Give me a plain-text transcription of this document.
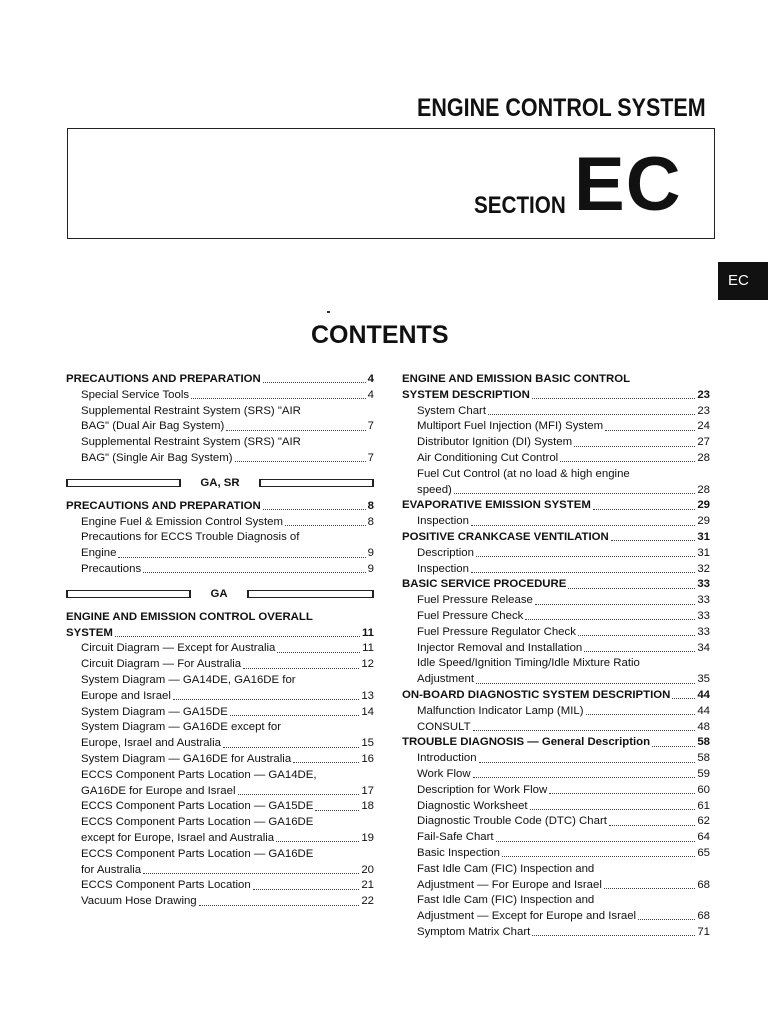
ENGINE CONTROL SYSTEM
SECTION EC
EC
CONTENTS
PRECAUTIONS AND PREPARATION	4
Special Service Tools	4
Supplemental Restraint System (SRS) "AIR
BAG" (Dual Air Bag System)	7
Supplemental Restraint System (SRS) "AIR
BAG" (Single Air Bag System)	7
GA, SR
PRECAUTIONS AND PREPARATION	8
Engine Fuel & Emission Control System	8
Precautions for ECCS Trouble Diagnosis of
Engine	9
Precautions	9
GA
ENGINE AND EMISSION CONTROL OVERALL
SYSTEM	11
Circuit Diagram — Except for Australia	11
Circuit Diagram — For Australia	12
System Diagram — GA14DE, GA16DE for
Europe and Israel	13
System Diagram — GA15DE	14
System Diagram — GA16DE except for
Europe, Israel and Australia	15
System Diagram — GA16DE for Australia	16
ECCS Component Parts Location — GA14DE,
GA16DE for Europe and Israel	17
ECCS Component Parts Location — GA15DE	18
ECCS Component Parts Location — GA16DE
except for Europe, Israel and Australia	19
ECCS Component Parts Location — GA16DE
for Australia	20
ECCS Component Parts Location	21
Vacuum Hose Drawing	22
ENGINE AND EMISSION BASIC CONTROL
SYSTEM DESCRIPTION	23
System Chart	23
Multiport Fuel Injection (MFI) System	24
Distributor Ignition (DI) System	27
Air Conditioning Cut Control	28
Fuel Cut Control (at no load & high engine
speed)	28
EVAPORATIVE EMISSION SYSTEM	29
Inspection	29
POSITIVE CRANKCASE VENTILATION	31
Description	31
Inspection	32
BASIC SERVICE PROCEDURE	33
Fuel Pressure Release	33
Fuel Pressure Check	33
Fuel Pressure Regulator Check	33
Injector Removal and Installation	34
Idle Speed/Ignition Timing/Idle Mixture Ratio
Adjustment	35
ON-BOARD DIAGNOSTIC SYSTEM DESCRIPTION 44
Malfunction Indicator Lamp (MIL)	44
CONSULT	48
TROUBLE DIAGNOSIS — General Description	58
Introduction	58
Work Flow	59
Description for Work Flow	60
Diagnostic Worksheet	61
Diagnostic Trouble Code (DTC) Chart	62
Fail-Safe Chart	64
Basic Inspection	65
Fast Idle Cam (FIC) Inspection and
Adjustment — For Europe and Israel	68
Fast Idle Cam (FIC) Inspection and
Adjustment — Except for Europe and Israel	68
Symptom Matrix Chart	71
